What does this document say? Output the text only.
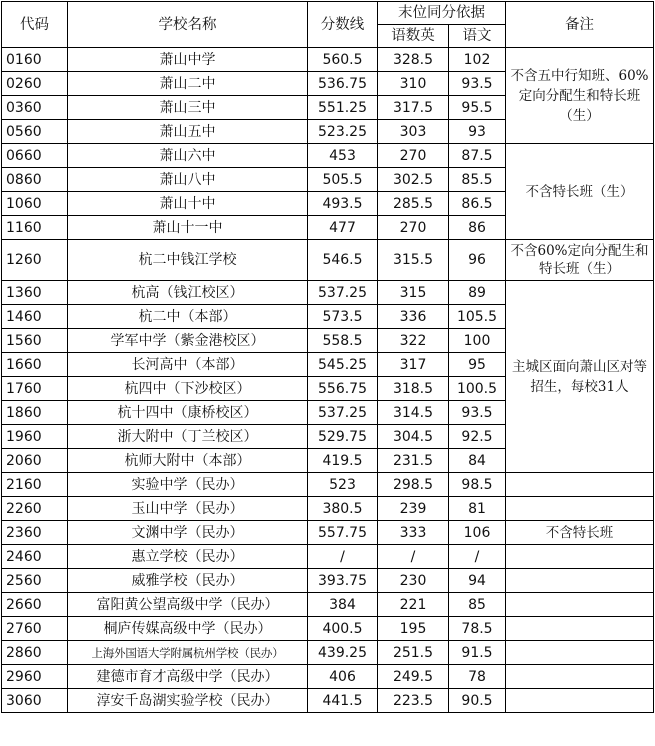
代码	学校名称	分数线	末位同分依据		备注
			语数英	语文	
0160	萧山中学	560.5	328.5	102	不含五中行知班、60%定向分配生和特长班（生）
0260	萧山二中	536.75	310	93.5	
0360	萧山三中	551.25	317.5	95.5	
0560	萧山五中	523.25	303	93	
0660	萧山六中	453	270	87.5	不含特长班（生）
0860	萧山八中	505.5	302.5	85.5	
1060	萧山十中	493.5	285.5	86.5	
1160	萧山十一中	477	270	86	
1260	杭二中钱江学校	546.5	315.5	96	不含60%定向分配生和特长班（生）
1360	杭高（钱江校区）	537.25	315	89	主城区面向萧山区对等招生，每校31人
1460	杭二中（本部）	573.5	336	105.5	
1560	学军中学（紫金港校区）	558.5	322	100	
1660	长河高中（本部）	545.25	317	95	
1760	杭四中（下沙校区）	556.75	318.5	100.5	
1860	杭十四中（康桥校区）	537.25	314.5	93.5	
1960	浙大附中（丁兰校区）	529.75	304.5	92.5	
2060	杭师大附中（本部）	419.5	231.5	84	
2160	实验中学（民办）	523	298.5	98.5	
2260	玉山中学（民办）	380.5	239	81	
2360	文渊中学（民办）	557.75	333	106	不含特长班
2460	惠立学校（民办）	/	/	/	
2560	威雅学校（民办）	393.75	230	94	
2660	富阳黄公望高级中学（民办）	384	221	85	
2760	桐庐传媒高级中学（民办）	400.5	195	78.5	
2860	上海外国语大学附属杭州学校（民办）	439.25	251.5	91.5	
2960	建德市育才高级中学（民办）	406	249.5	78	
3060	淳安千岛湖实验学校（民办）	441.5	223.5	90.5	
